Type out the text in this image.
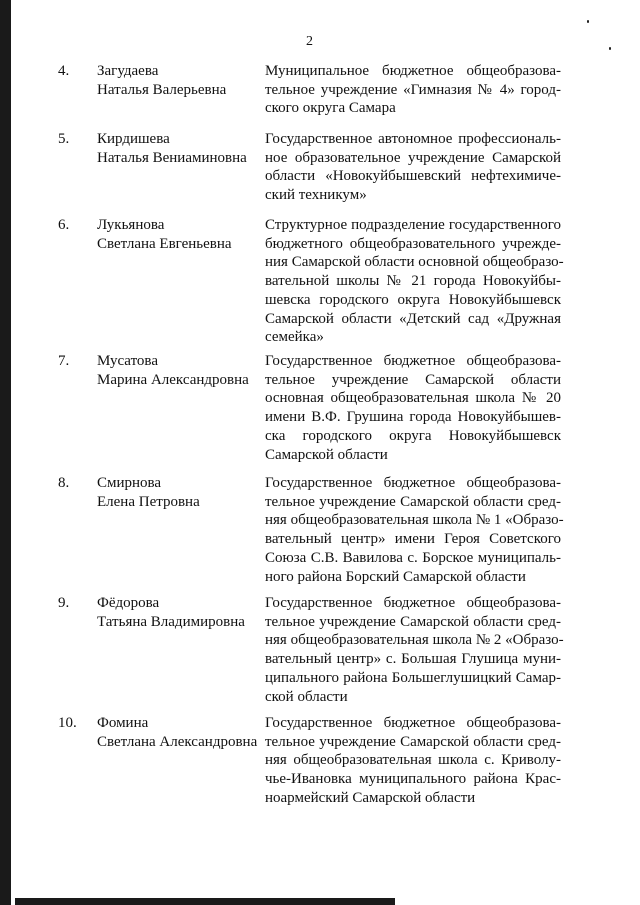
2
4. Загудаева
Наталья Валерьевна
Муниципальное бюджетное общеобразова-
тельное учреждение «Гимназия № 4» город-
ского округа Самара
5. Кирдишева
Наталья Вениаминовна
Государственное автономное профессиональ-
ное образовательное учреждение Самарской
области «Новокуйбышевский нефтехимиче-
ский техникум»
6. Лукьянова
Светлана Евгеньевна
Структурное подразделение государственного
бюджетного общеобразовательного учрежде-
ния Самарской области основной общеобразо-
вательной школы № 21 города Новокуйбы-
шевска городского округа Новокуйбышевск
Самарской области «Детский сад «Дружная
семейка»
7. Мусатова
Марина Александровна
Государственное бюджетное общеобразова-
тельное учреждение Самарской области
основная общеобразовательная школа № 20
имени В.Ф. Грушина города Новокуйбышев-
ска городского округа Новокуйбышевск
Самарской области
8. Смирнова
Елена Петровна
Государственное бюджетное общеобразова-
тельное учреждение Самарской области сред-
няя общеобразовательная школа № 1 «Образо-
вательный центр» имени Героя Советского
Союза С.В. Вавилова с. Борское муниципаль-
ного района Борский Самарской области
9. Фёдорова
Татьяна Владимировна
Государственное бюджетное общеобразова-
тельное учреждение Самарской области сред-
няя общеобразовательная школа № 2 «Образо-
вательный центр» с. Большая Глушица муни-
ципального района Большеглушицкий Самар-
ской области
10. Фомина
Светлана Александровна
Государственное бюджетное общеобразова-
тельное учреждение Самарской области сред-
няя общеобразовательная школа с. Криволу-
чье-Ивановка муниципального района Крас-
ноармейский Самарской области
